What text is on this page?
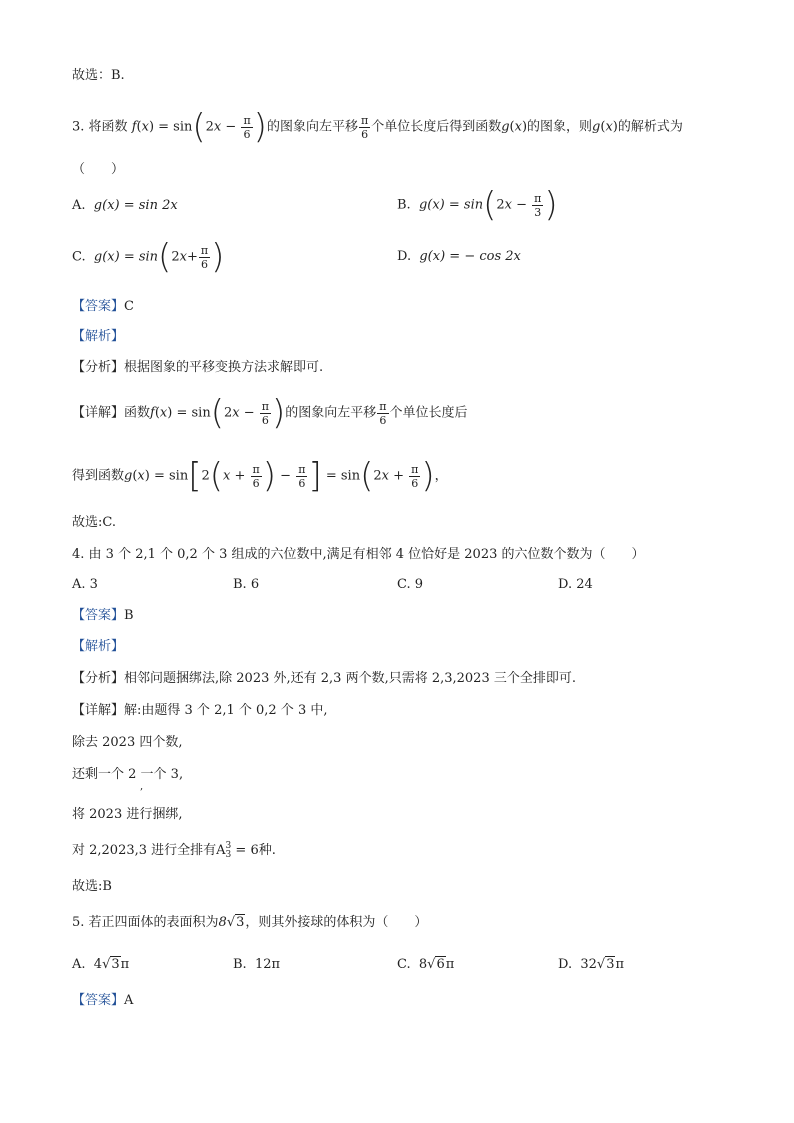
故选：B.
3. 将函数 $f(x) = \sin(2x - \frac{\pi}{6}$ )的图象向左平移 $\frac{\pi}{6}$ 个单位长度后得到函数g(x)的图象，则g(x)的解析式为
（　　）
A. g(x) = sin 2x	B. $g(x) = \sin(2x - \frac{\pi}{3}$ )
C. $g(x) = \sin(2x+ \frac{\pi}{6}$ )	D. g(x) = − cos 2x
【答案】C
【解析】
【分析】根据图象的平移变换方法求解即可.
【详解】函数$f(x) = \sin(2x - \frac{\pi}{6}$ )的图象向左平移 $\frac{\pi}{6}$ 个单位长度后
得到函数$g(x) = \sin[2(x + \frac{\pi}{6}$ ) − $\frac{\pi}{6}$ ] = $\sin(2x + \frac{\pi}{6}$ )，
故选:C.
4. 由 3 个 2,1 个 0,2 个 3 组成的六位数中,满足有相邻 4 位恰好是 2023 的六位数个数为（　　）
A. 3	B. 6	C. 9	D. 24
【答案】B
【解析】
【分析】相邻问题捆绑法,除 2023 外,还有 2,3 两个数,只需将 2,3,2023 三个全排即可.
【详解】解:由题得 3 个 2,1 个 0,2 个 3 中,
除去 2023 四个数,
还剩一个 2 一个 3,
,
将 2023 进行捆绑,
对 2,2023,3 进行全排有A 3
3 = 6种.
故选:B
5. 若正四面体的表面积为8√3，则其外接球的体积为（　　）
A.  4√3π	B. 12π	C.  8√6π	D.  32√3π
【答案】A
